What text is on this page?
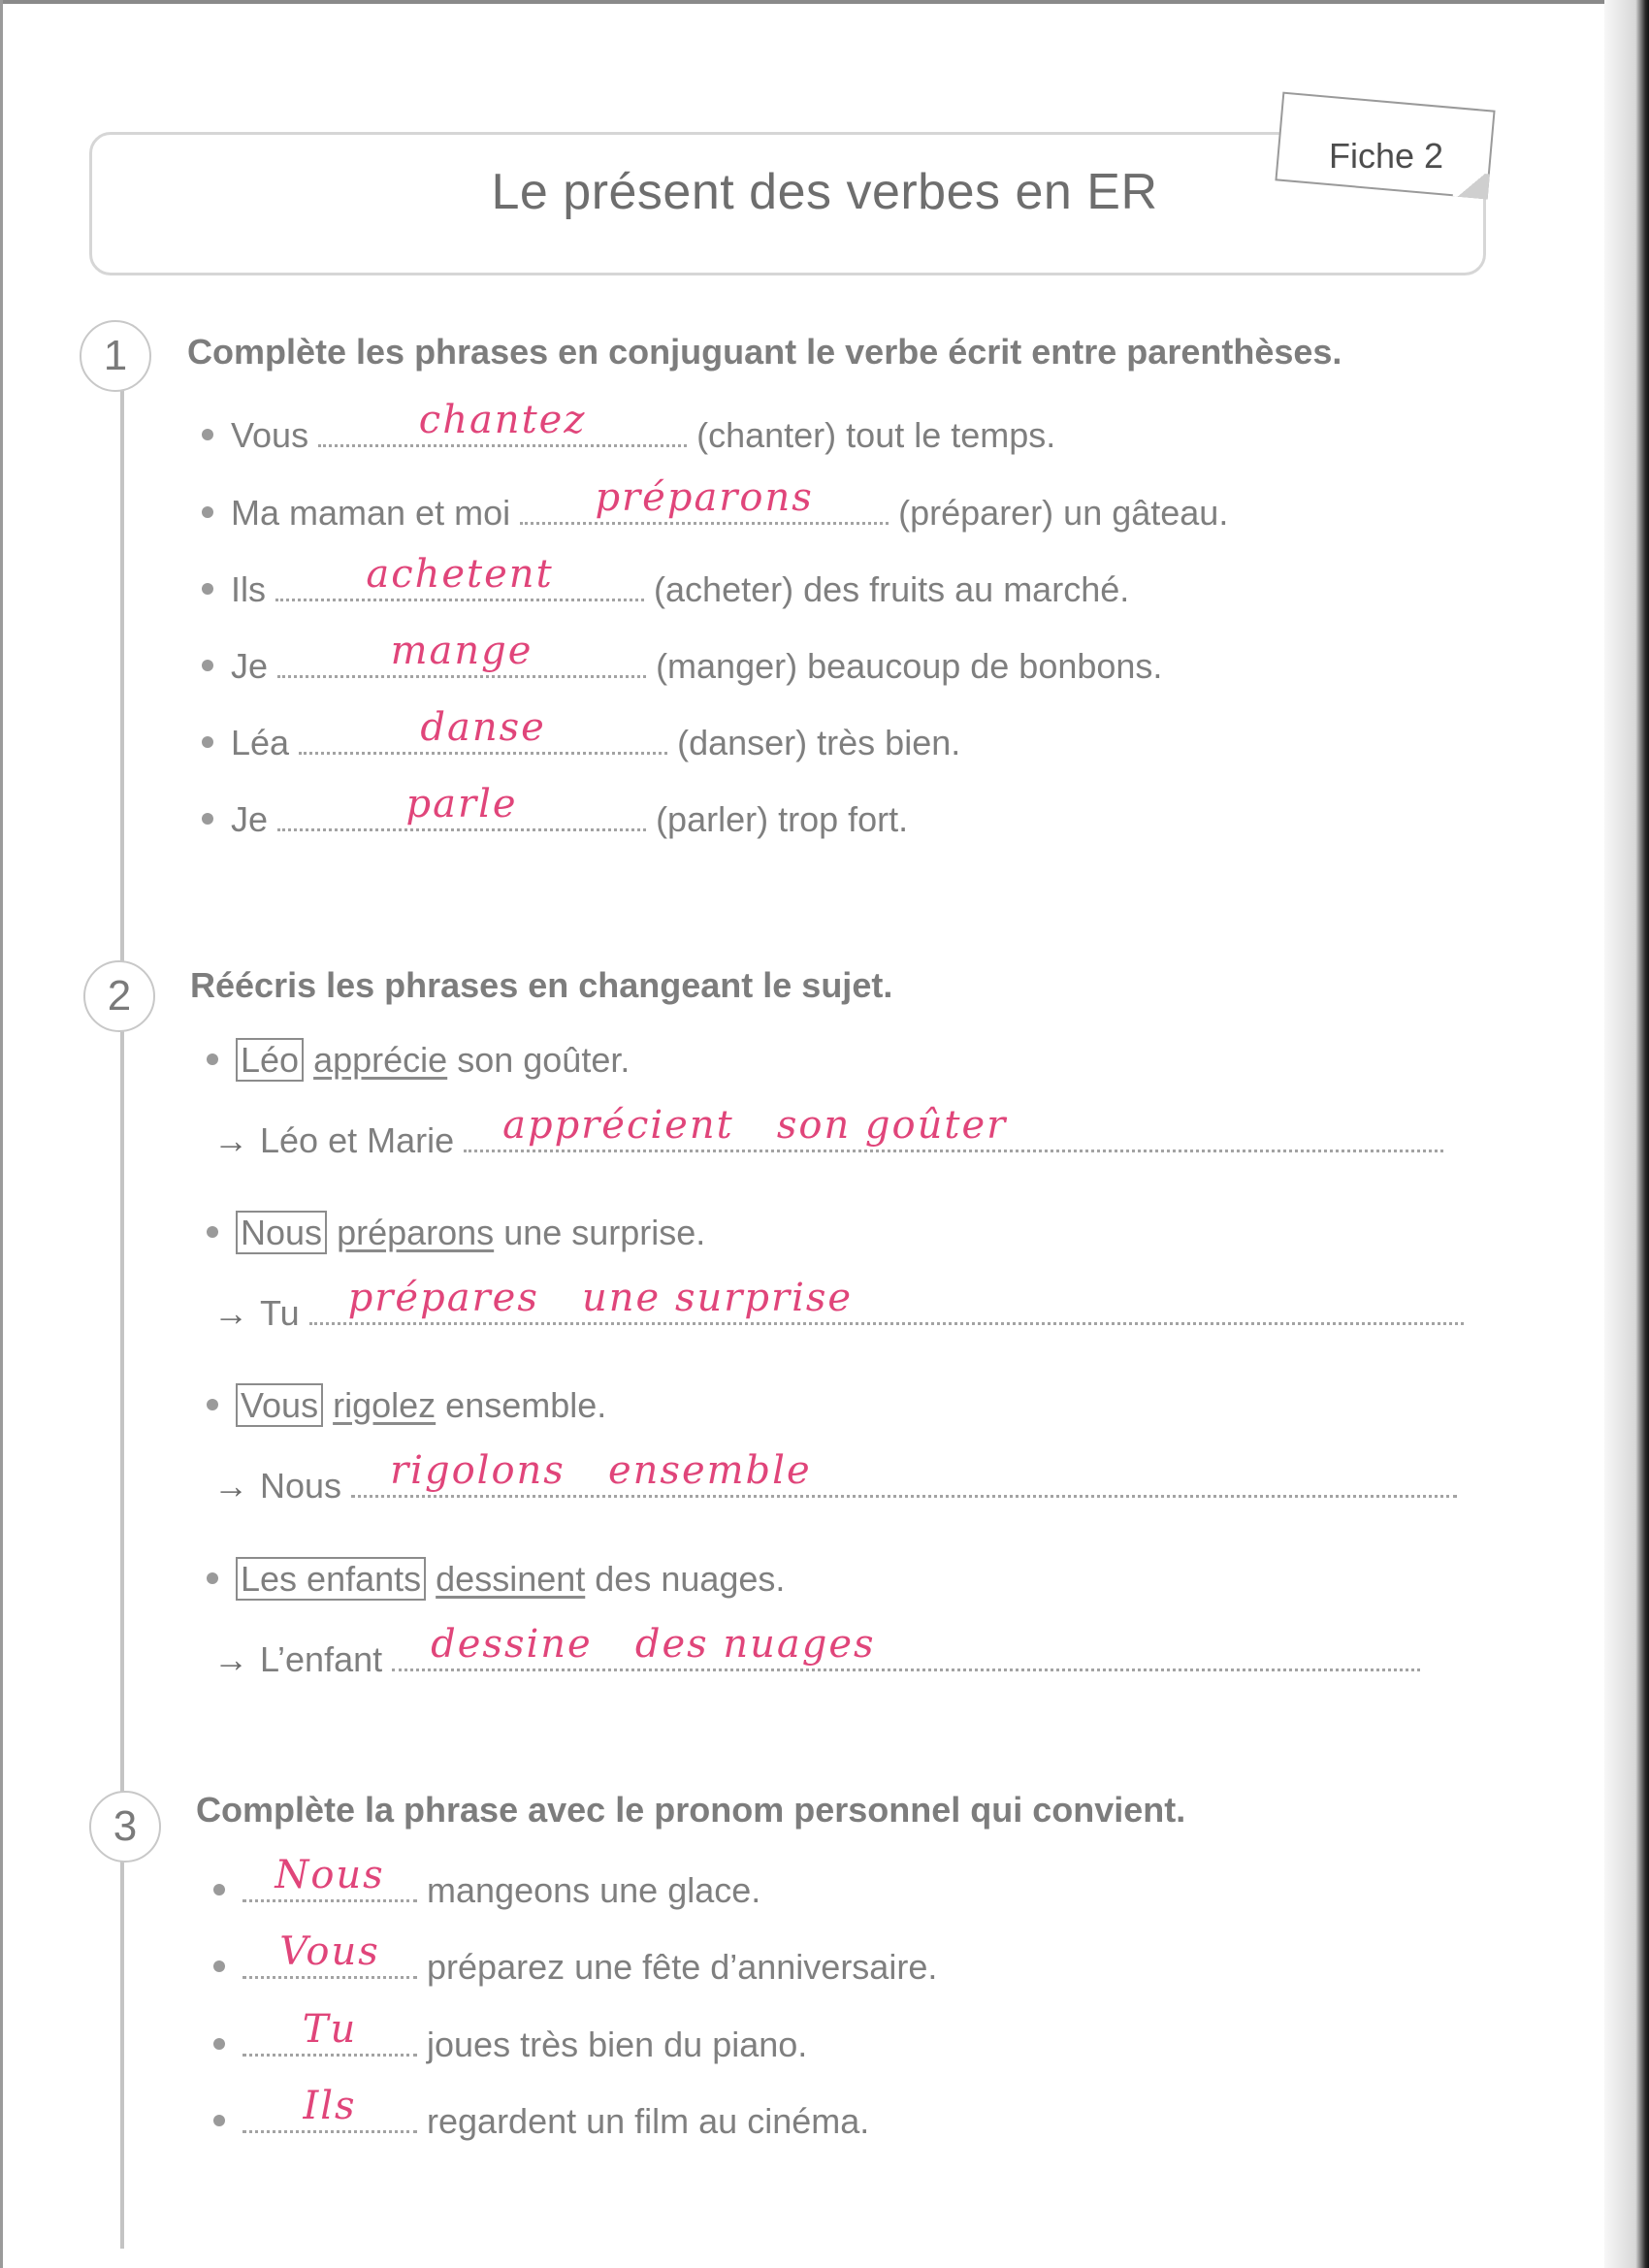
Le présent des verbes en ER
Fiche 2
1	Complète les phrases en conjuguant le verbe écrit entre parenthèses.
Vous	chantez	(chanter) tout le temps.
Ma maman et moi	préparons	(préparer) un gâteau.
Ils	achetent	(acheter) des fruits au marché.
Je	mange	(manger) beaucoup de bonbons.
Léa	danse	(danser) très bien.
Je	parle	(parler) trop fort.
2	Réécris les phrases en changeant le sujet.
Léo apprécie son goûter.
→ Léo et Marie	apprécient son goûter
Nous préparons une surprise.
→ Tu	prépares une surprise
Vous rigolez ensemble.
→ Nous	rigolons ensemble
Les enfants dessinent des nuages.
→ L’enfant	dessine des nuages
3	Complète la phrase avec le pronom personnel qui convient.
Nous	mangeons une glace.
Vous	préparez une fête d’anniversaire.
Tu	joues très bien du piano.
Ils	regardent un film au cinéma.
